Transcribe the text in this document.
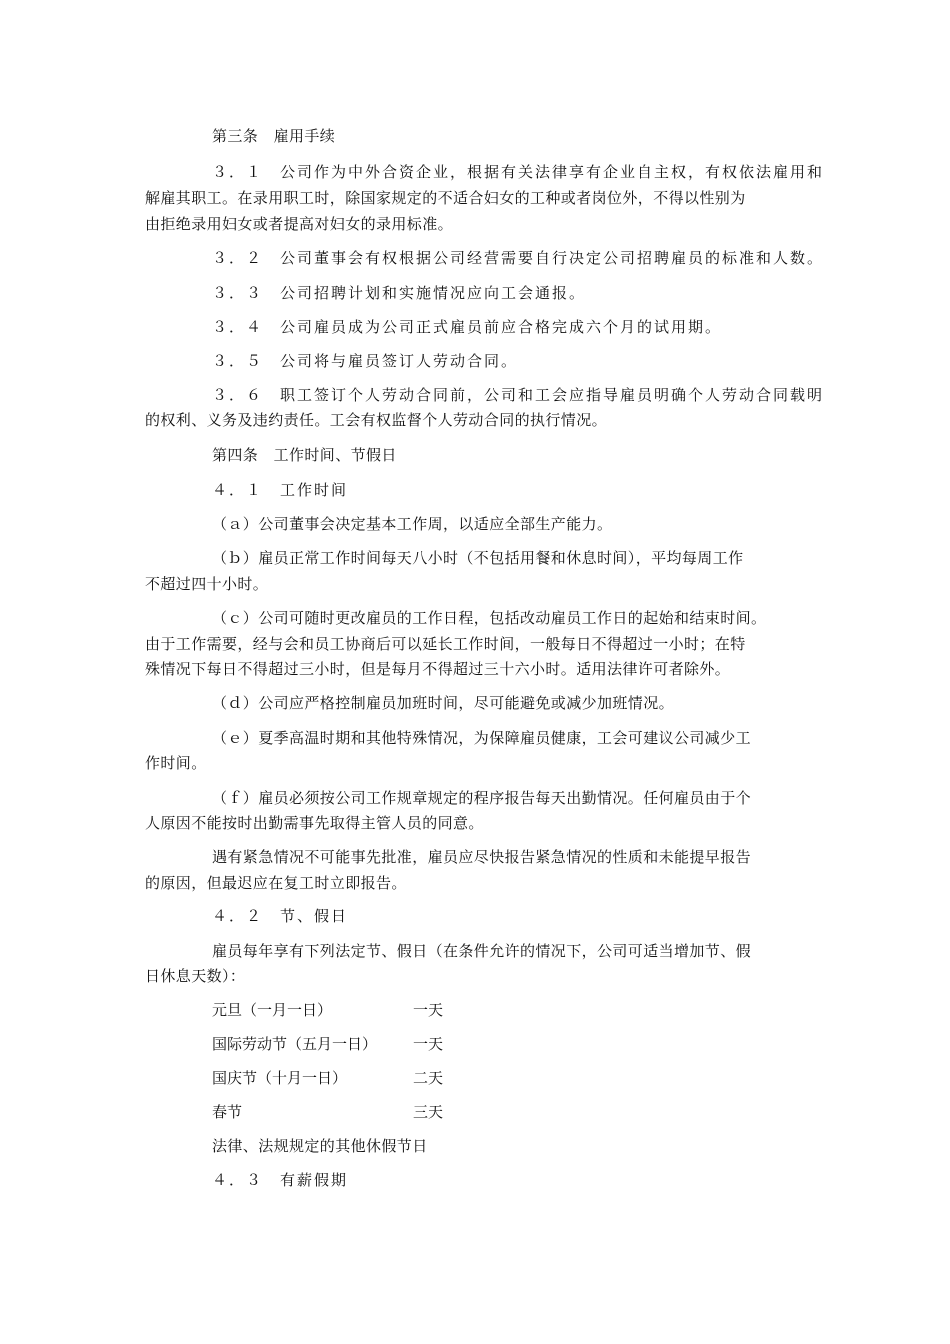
第三条　雇用手续
３．１　公司作为中外合资企业，根据有关法律享有企业自主权，有权依法雇用和
解雇其职工。在录用职工时，除国家规定的不适合妇女的工种或者岗位外，不得以性别为
由拒绝录用妇女或者提高对妇女的录用标准。
３．２　公司董事会有权根据公司经营需要自行决定公司招聘雇员的标准和人数。
３．３　公司招聘计划和实施情况应向工会通报。
３．４　公司雇员成为公司正式雇员前应合格完成六个月的试用期。
３．５　公司将与雇员签订人劳动合同。
３．６　职工签订个人劳动合同前，公司和工会应指导雇员明确个人劳动合同载明
的权利、义务及违约责任。工会有权监督个人劳动合同的执行情况。
第四条　工作时间、节假日
４．１　工作时间
（ａ）公司董事会决定基本工作周，以适应全部生产能力。
（ｂ）雇员正常工作时间每天八小时（不包括用餐和休息时间），平均每周工作
不超过四十小时。
（ｃ）公司可随时更改雇员的工作日程，包括改动雇员工作日的起始和结束时间。
由于工作需要，经与会和员工协商后可以延长工作时间，一般每日不得超过一小时；在特
殊情况下每日不得超过三小时，但是每月不得超过三十六小时。适用法律许可者除外。
（ｄ）公司应严格控制雇员加班时间，尽可能避免或减少加班情况。
（ｅ）夏季高温时期和其他特殊情况，为保障雇员健康，工会可建议公司减少工
作时间。
（ｆ）雇员必须按公司工作规章规定的程序报告每天出勤情况。任何雇员由于个
人原因不能按时出勤需事先取得主管人员的同意。
遇有紧急情况不可能事先批准，雇员应尽快报告紧急情况的性质和未能提早报告
的原因，但最迟应在复工时立即报告。
４．２　节、假日
雇员每年享有下列法定节、假日（在条件允许的情况下，公司可适当增加节、假
日休息天数）：
元旦（一月一日）	一天
国际劳动节（五月一日） 一天
国庆节（十月一日）	二天
春节	三天
法律、法规规定的其他休假节日
４．３　有薪假期
